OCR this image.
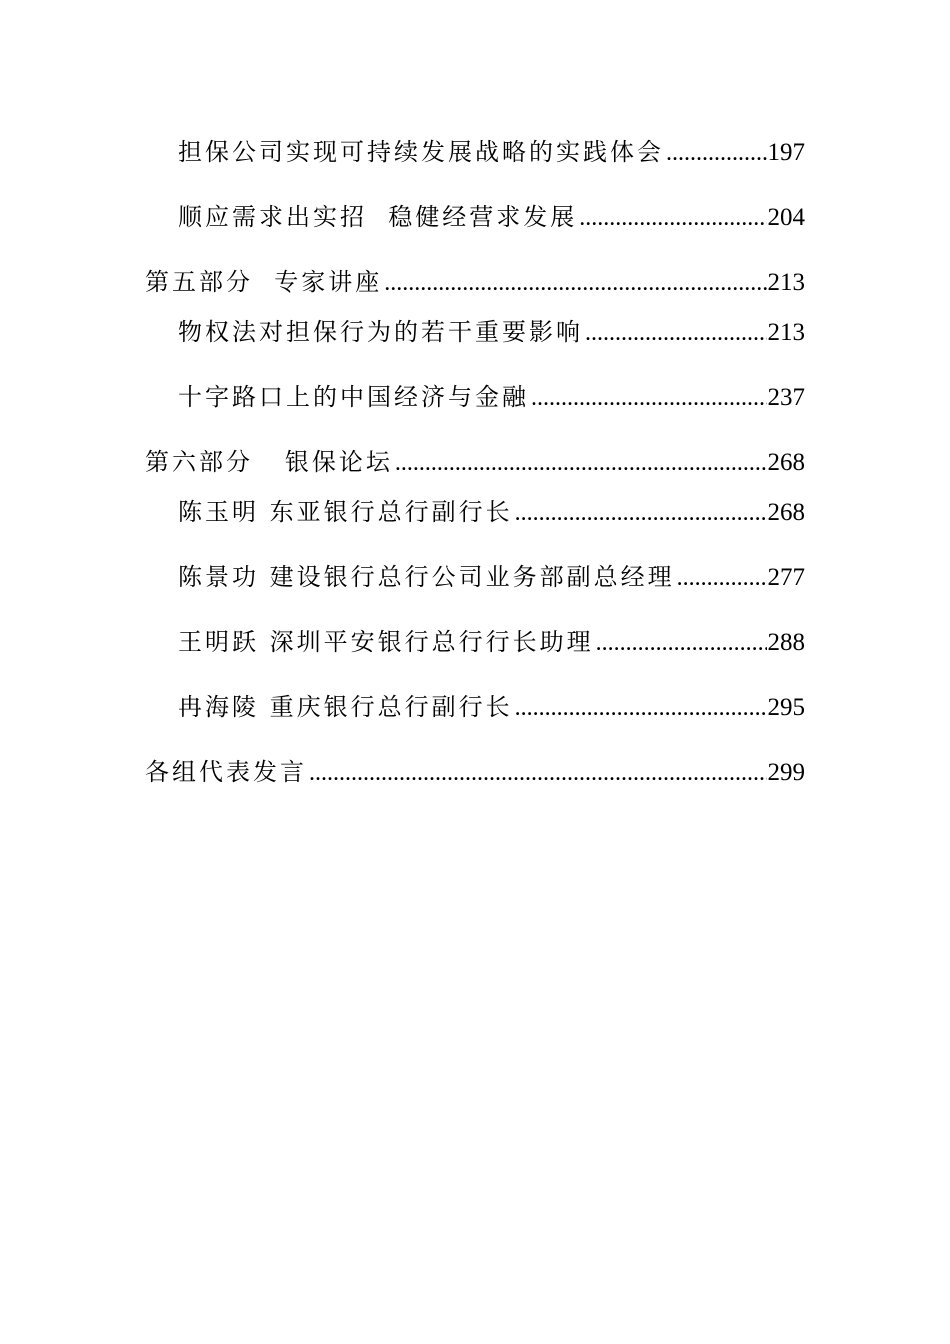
担保公司实现可持续发展战略的实践体会 .....	197
顺应需求出实招  稳健经营求发展 .....	204
第五部分  专家讲座 .....	213
物权法对担保行为的若干重要影响 .....	213
十字路口上的中国经济与金融 .....	237
第六部分   银保论坛 .....	268
陈玉明 东亚银行总行副行长 .....	268
陈景功 建设银行总行公司业务部副总经理 .....	277
王明跃 深圳平安银行总行行长助理 .....	288
冉海陵 重庆银行总行副行长 .....	295
各组代表发言 .....	299
